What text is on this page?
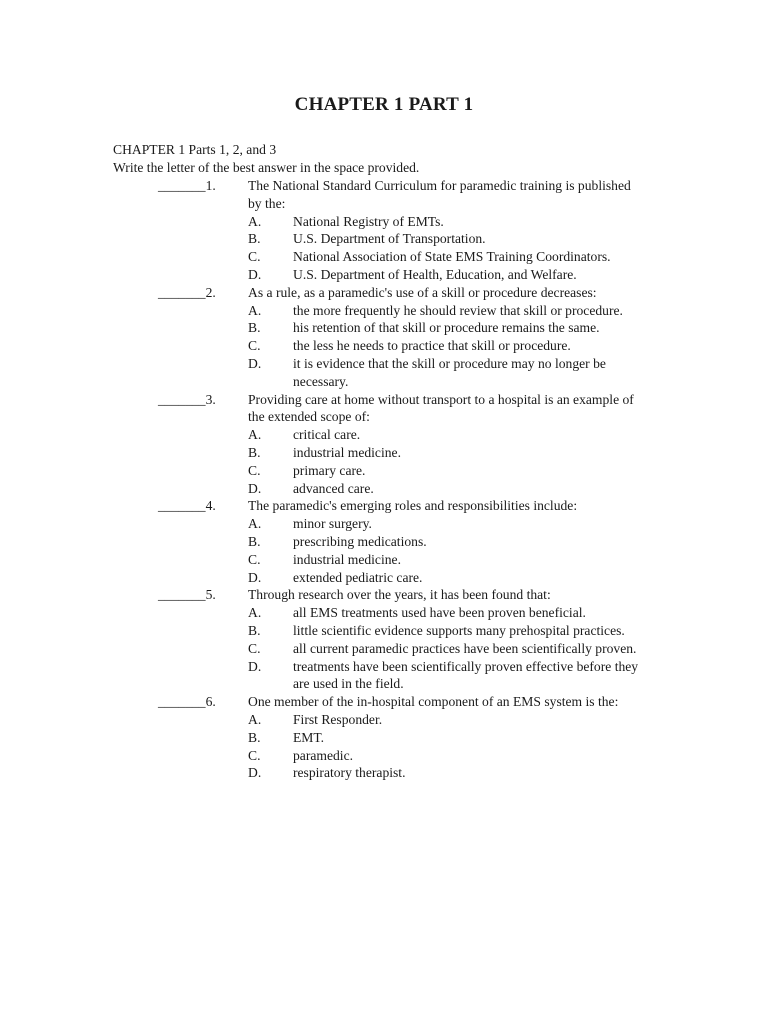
CHAPTER 1 PART 1
CHAPTER 1 Parts 1, 2, and 3
Write the letter of the best answer in the space provided.
_______1. The National Standard Curriculum for paramedic training is published by the:
A. National Registry of EMTs.
B. U.S. Department of Transportation.
C. National Association of State EMS Training Coordinators.
D. U.S. Department of Health, Education, and Welfare.
_______2. As a rule, as a paramedic's use of a skill or procedure decreases:
A. the more frequently he should review that skill or procedure.
B. his retention of that skill or procedure remains the same.
C. the less he needs to practice that skill or procedure.
D. it is evidence that the skill or procedure may no longer be necessary.
_______3. Providing care at home without transport to a hospital is an example of the extended scope of:
A. critical care.
B. industrial medicine.
C. primary care.
D. advanced care.
_______4. The paramedic's emerging roles and responsibilities include:
A. minor surgery.
B. prescribing medications.
C. industrial medicine.
D. extended pediatric care.
_______5. Through research over the years, it has been found that:
A. all EMS treatments used have been proven beneficial.
B. little scientific evidence supports many prehospital practices.
C. all current paramedic practices have been scientifically proven.
D. treatments have been scientifically proven effective before they are used in the field.
_______6. One member of the in-hospital component of an EMS system is the:
A. First Responder.
B. EMT.
C. paramedic.
D. respiratory therapist.
